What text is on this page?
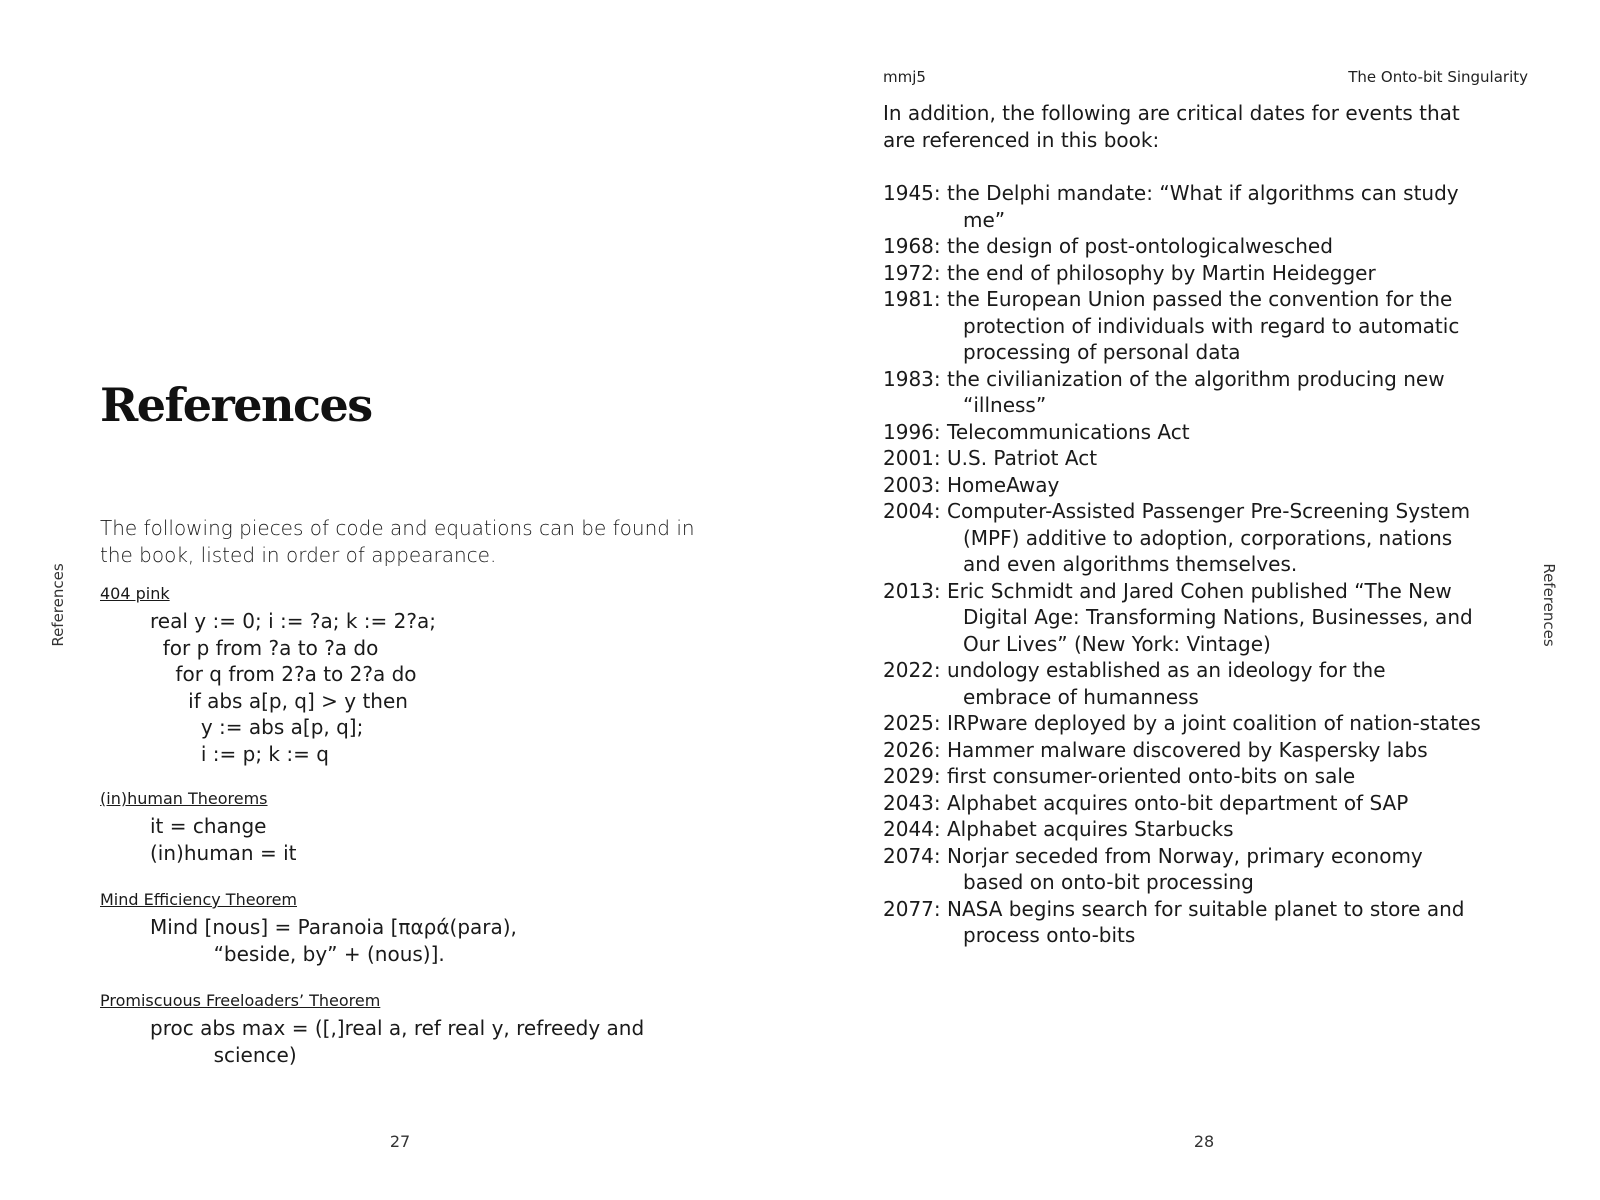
References
References
The following pieces of code and equations can be found in the book, listed in order of appearance.
404 pink
real y := 0; i := ?a; k := 2?a;
for p from ?a to ?a do
for q from 2?a to 2?a do
if abs a[p, q] > y then
y := abs a[p, q];
i := p; k := q
(in)human Theorems
it = change
(in)human = it
Mind Efficiency Theorem
Mind [nous] = Paranoia [παρά(para),
“beside, by” + (nous)].
Promiscuous Freeloaders’ Theorem
proc abs max = ([,]real a, ref real y, refreedy and
science)
27
mmj5	The Onto-bit Singularity
References
In addition, the following are critical dates for events that are referenced in this book:
1945: the Delphi mandate: “What if algorithms can study
me”
1968: the design of post-ontologicalwesched
1972: the end of philosophy by Martin Heidegger
1981: the European Union passed the convention for the
protection of individuals with regard to automatic
processing of personal data
1983: the civilianization of the algorithm producing new
“illness”
1996: Telecommunications Act
2001: U.S. Patriot Act
2003: HomeAway
2004: Computer-Assisted Passenger Pre-Screening System
(MPF) additive to adoption, corporations, nations
and even algorithms themselves.
2013: Eric Schmidt and Jared Cohen published “The New
Digital Age: Transforming Nations, Businesses, and
Our Lives” (New York: Vintage)
2022: undology established as an ideology for the
embrace of humanness
2025: IRPware deployed by a joint coalition of nation-states
2026: Hammer malware discovered by Kaspersky labs
2029: first consumer-oriented onto-bits on sale
2043: Alphabet acquires onto-bit department of SAP
2044: Alphabet acquires Starbucks
2074: Norjar seceded from Norway, primary economy
based on onto-bit processing
2077: NASA begins search for suitable planet to store and
process onto-bits
28
